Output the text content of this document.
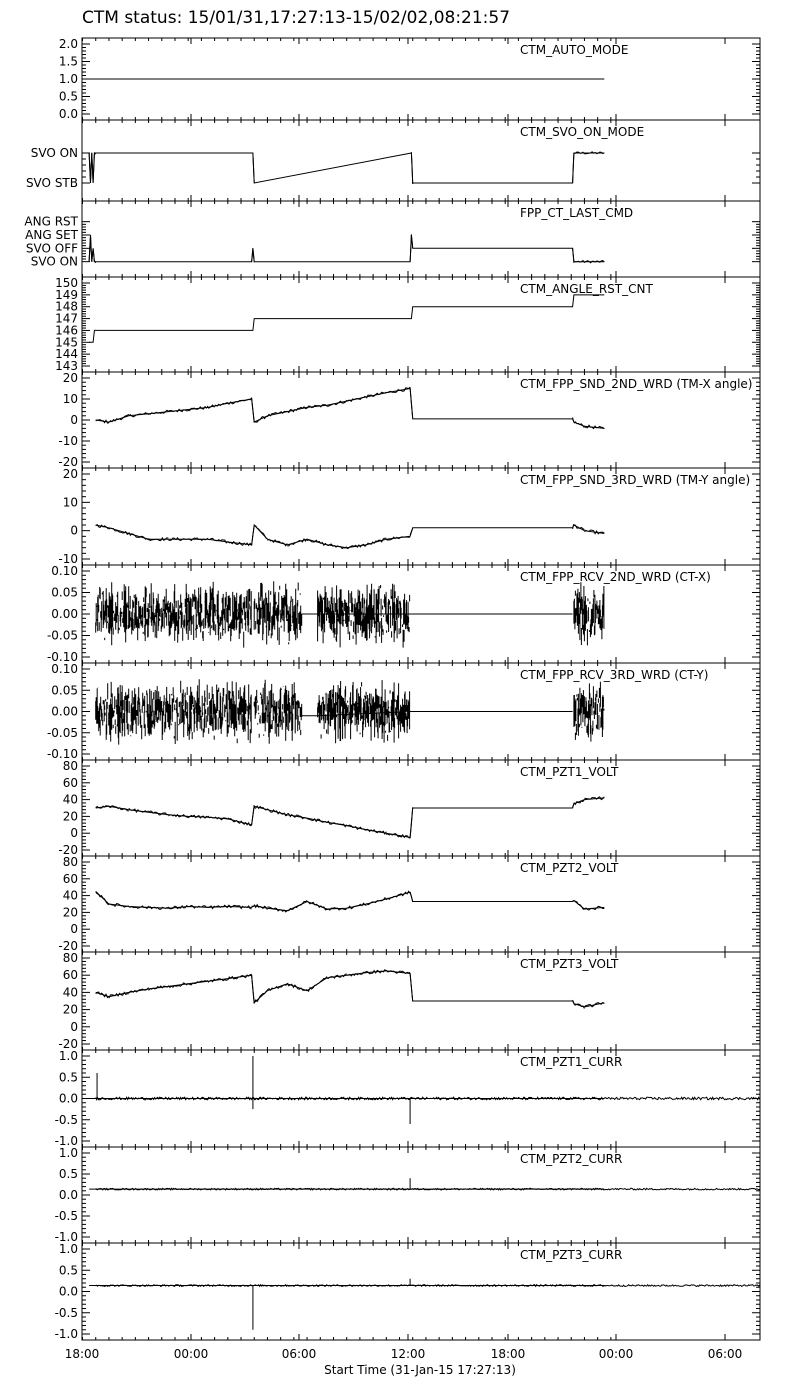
CTM status: 15/01/31,17:27:13-15/02/02,08:21:57
2.0
1.5
1.0
0.5
0.0
CTM_AUTO_MODE
SVO ON
SVO STB
CTM_SVO_ON_MODE
ANG RST
ANG SET
SVO OFF
SVO ON
FPP_CT_LAST_CMD
150
149
148
147
146
145
144
143
CTM_ANGLE_RST_CNT
20
10
0
-10
-20
CTM_FPP_SND_2ND_WRD (TM-X angle)
20
10
0
-10
CTM_FPP_SND_3RD_WRD (TM-Y angle)
0.10
0.05
0.00
-0.05
-0.10
CTM_FPP_RCV_2ND_WRD (CT-X)
0.10
0.05
0.00
-0.05
-0.10
CTM_FPP_RCV_3RD_WRD (CT-Y)
80
60
40
20
0
-20
CTM_PZT1_VOLT
80
60
40
20
0
-20
CTM_PZT2_VOLT
80
60
40
20
0
-20
CTM_PZT3_VOLT
1.0
0.5
0.0
-0.5
-1.0
CTM_PZT1_CURR
1.0
0.5
0.0
-0.5
-1.0
CTM_PZT2_CURR
1.0
0.5
0.0
-0.5
-1.0
CTM_PZT3_CURR
18:00	00:00	06:00	12:00	18:00	00:00	06:00
Start Time (31-Jan-15 17:27:13)
